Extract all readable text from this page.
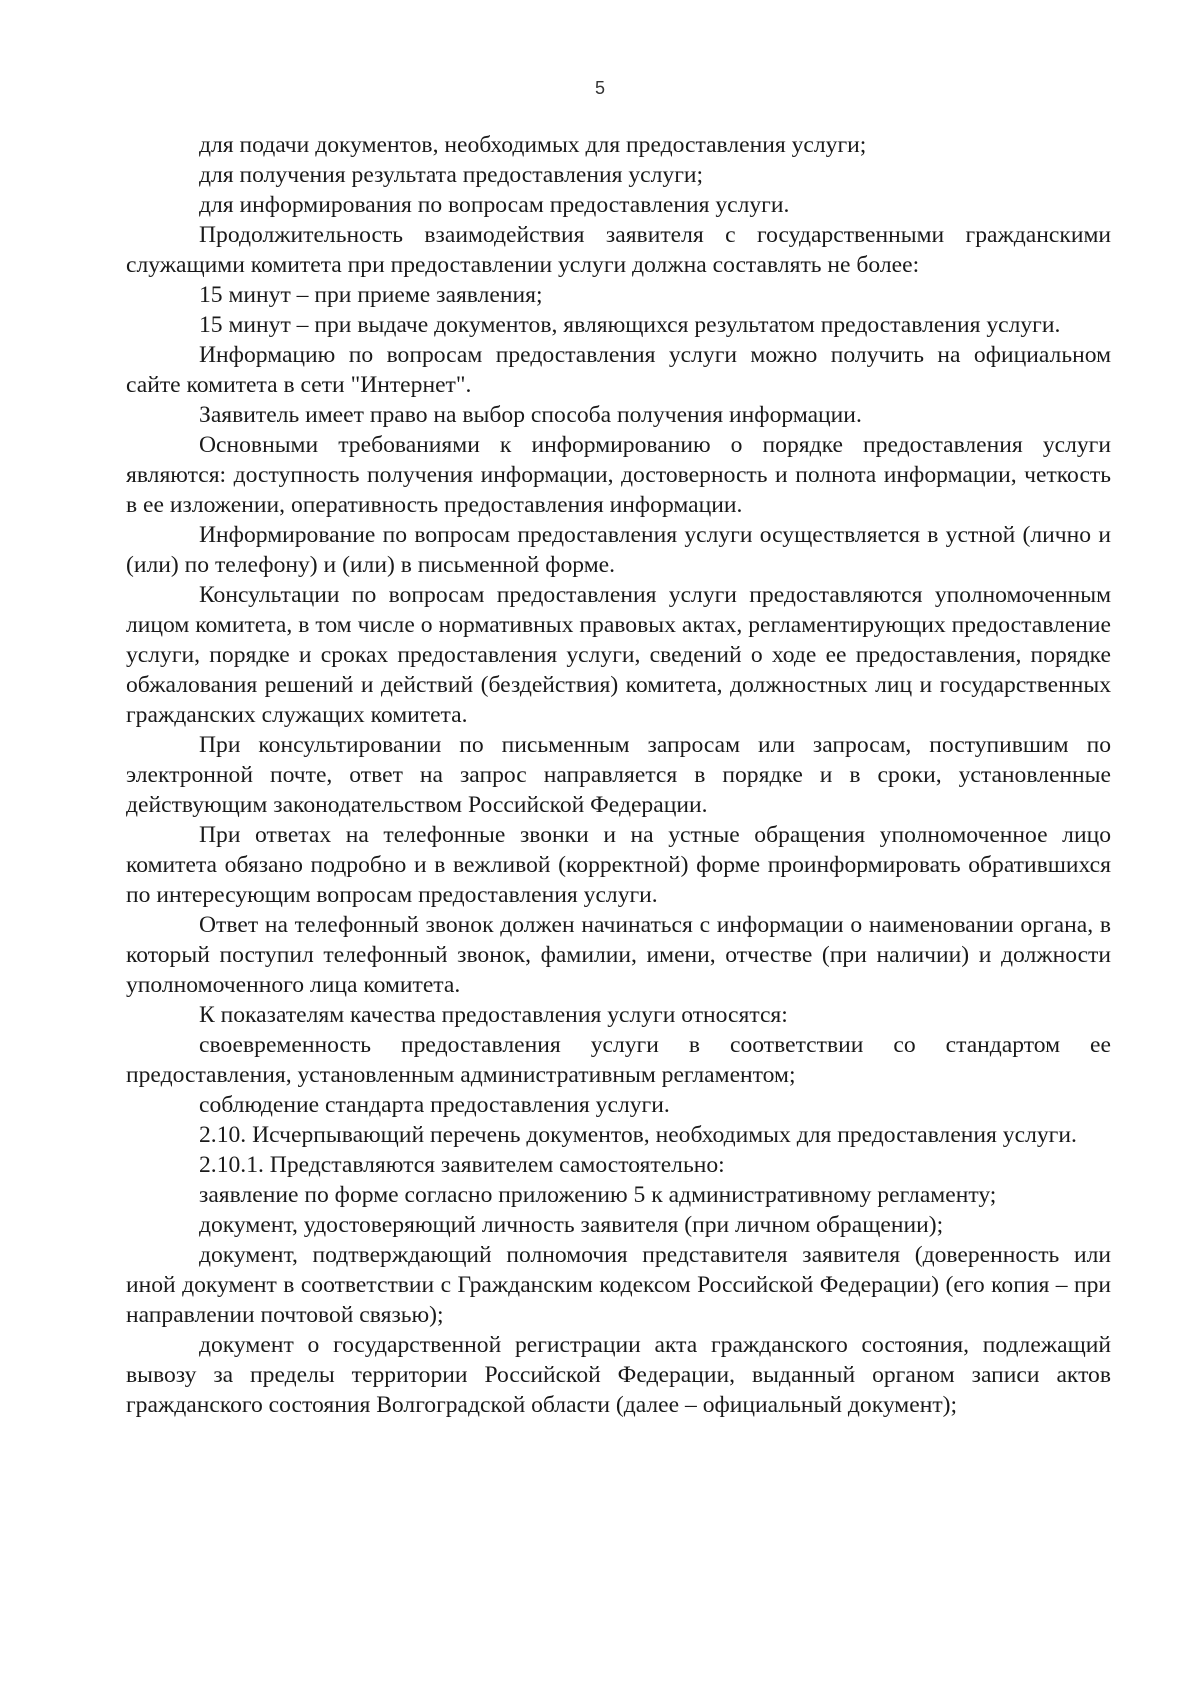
5

для подачи документов, необходимых для предоставления услуги;

для получения результата предоставления услуги;

для информирования по вопросам предоставления услуги.

Продолжительность взаимодействия заявителя с государственными гражданскими служащими комитета при предоставлении услуги должна составлять не более:

15 минут – при приеме заявления;

15 минут – при выдаче документов, являющихся результатом предоставления услуги.

Информацию по вопросам предоставления услуги можно получить на официальном сайте комитета в сети "Интернет".

Заявитель имеет право на выбор способа получения информации.

Основными требованиями к информированию о порядке предоставления услуги являются: доступность получения информации, достоверность и полнота информации, четкость в ее изложении, оперативность предоставления информации.

Информирование по вопросам предоставления услуги осуществляется в устной (лично и (или) по телефону) и (или) в письменной форме.

Консультации по вопросам предоставления услуги предоставляются уполномоченным лицом комитета, в том числе о нормативных правовых актах, регламентирующих предоставление услуги, порядке и сроках предоставления услуги, сведений о ходе ее предоставления, порядке обжалования решений и действий (бездействия) комитета, должностных лиц и государственных гражданских служащих комитета.

При консультировании по письменным запросам или запросам, поступившим по электронной почте, ответ на запрос направляется в порядке и в сроки, установленные действующим законодательством Российской Федерации.

При ответах на телефонные звонки и на устные обращения уполномоченное лицо комитета обязано подробно и в вежливой (корректной) форме проинформировать обратившихся по интересующим вопросам предоставления услуги.

Ответ на телефонный звонок должен начинаться с информации о наименовании органа, в который поступил телефонный звонок, фамилии, имени, отчестве (при наличии) и должности уполномоченного лица комитета.

К показателям качества предоставления услуги относятся:

своевременность предоставления услуги в соответствии со стандартом ее предоставления, установленным административным регламентом;

соблюдение стандарта предоставления услуги.

2.10. Исчерпывающий перечень документов, необходимых для предоставления услуги.

2.10.1. Представляются заявителем самостоятельно:

заявление по форме согласно приложению 5 к административному регламенту;

документ, удостоверяющий личность заявителя (при личном обращении);

документ, подтверждающий полномочия представителя заявителя (доверенность или иной документ в соответствии с Гражданским кодексом Российской Федерации) (его копия – при направлении почтовой связью);

документ о государственной регистрации акта гражданского состояния, подлежащий вывозу за пределы территории Российской Федерации, выданный органом записи актов гражданского состояния Волгоградской области (далее – официальный документ);
